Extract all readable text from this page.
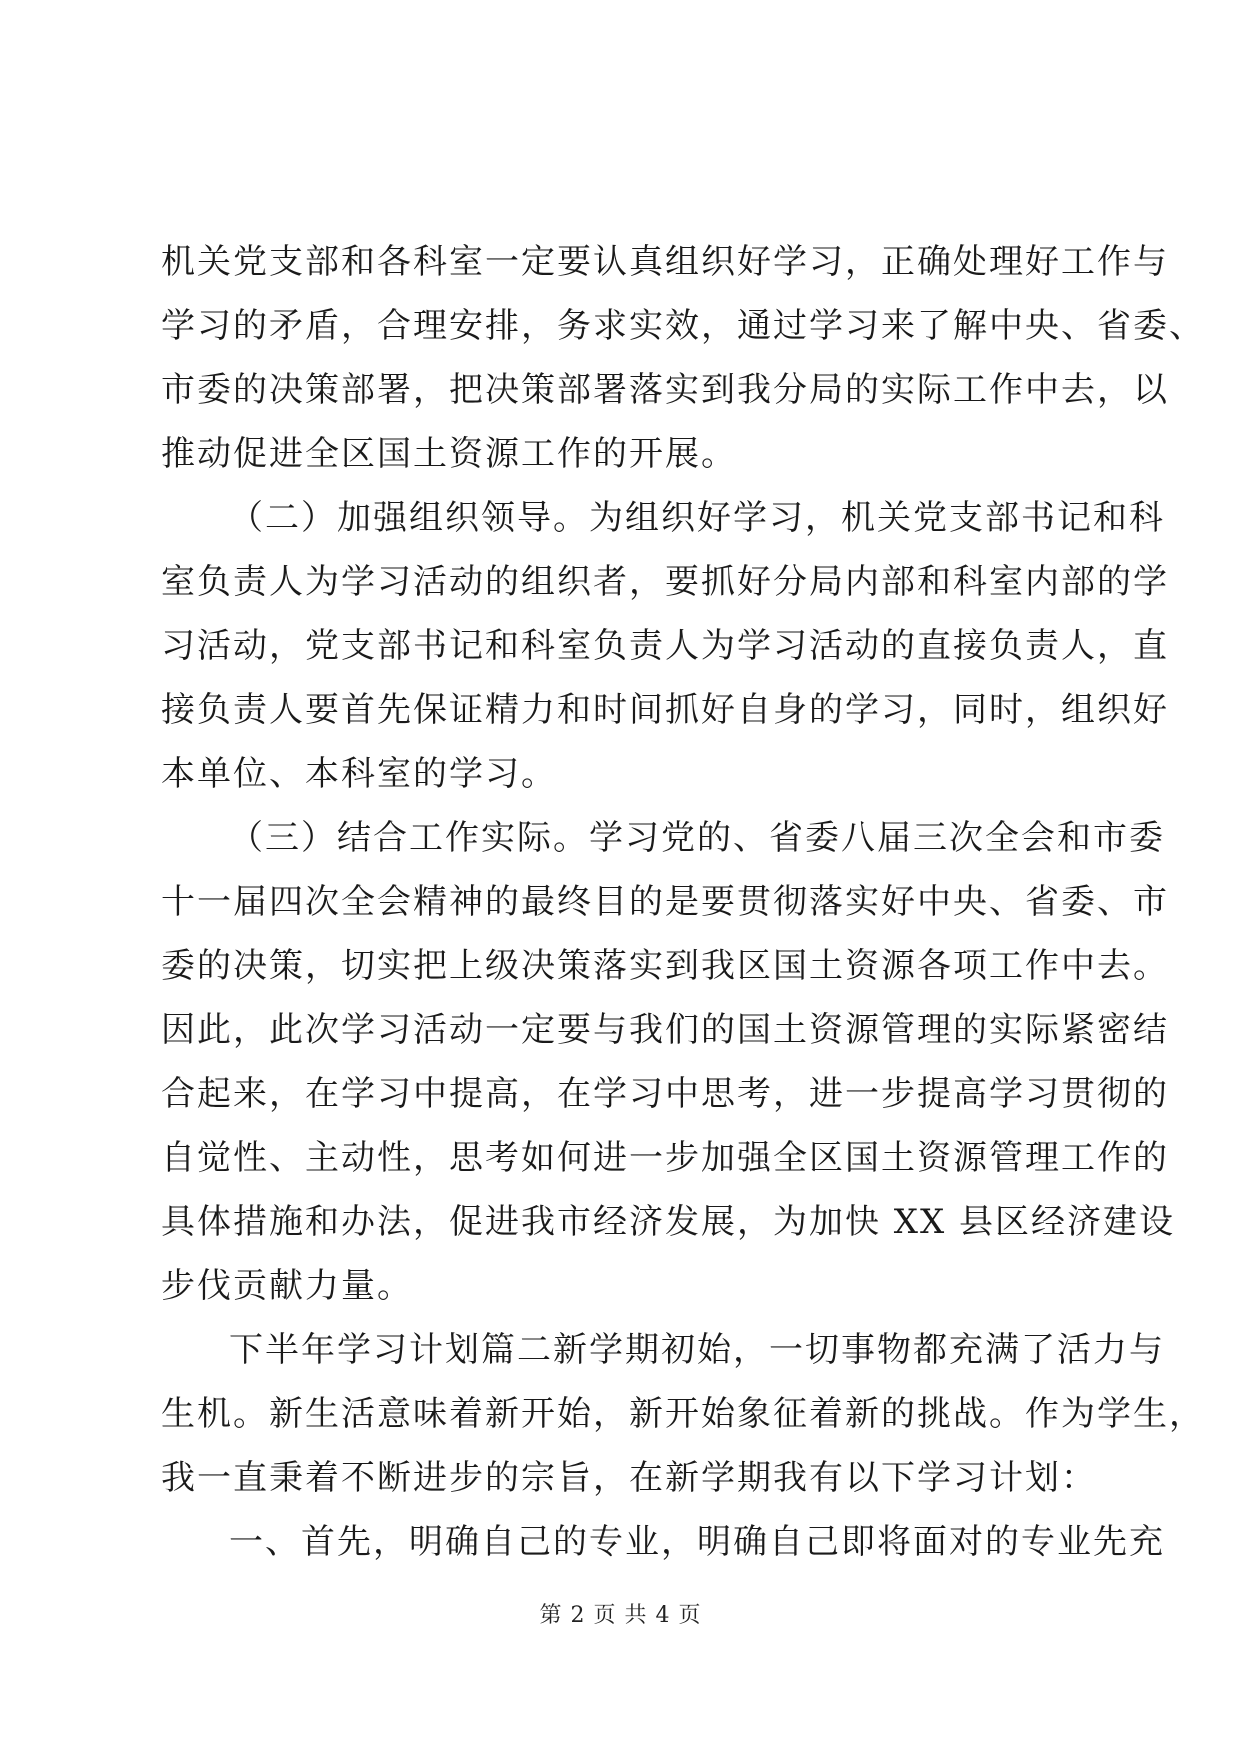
机关党支部和各科室一定要认真组织好学习，正确处理好工作与
学习的矛盾，合理安排，务求实效，通过学习来了解中央、省委、
市委的决策部署，把决策部署落实到我分局的实际工作中去，以
推动促进全区国土资源工作的开展。
（二）加强组织领导。为组织好学习，机关党支部书记和科
室负责人为学习活动的组织者，要抓好分局内部和科室内部的学
习活动，党支部书记和科室负责人为学习活动的直接负责人，直
接负责人要首先保证精力和时间抓好自身的学习，同时，组织好
本单位、本科室的学习。
（三）结合工作实际。学习党的、省委八届三次全会和市委
十一届四次全会精神的最终目的是要贯彻落实好中央、省委、市
委的决策，切实把上级决策落实到我区国土资源各项工作中去。
因此，此次学习活动一定要与我们的国土资源管理的实际紧密结
合起来，在学习中提高，在学习中思考，进一步提高学习贯彻的
自觉性、主动性，思考如何进一步加强全区国土资源管理工作的
具体措施和办法，促进我市经济发展，为加快 XX 县区经济建设
步伐贡献力量。
下半年学习计划篇二新学期初始，一切事物都充满了活力与
生机。新生活意味着新开始，新开始象征着新的挑战。作为学生，
我一直秉着不断进步的宗旨，在新学期我有以下学习计划：
一、首先，明确自己的专业，明确自己即将面对的专业先充
第 2 页 共 4 页
